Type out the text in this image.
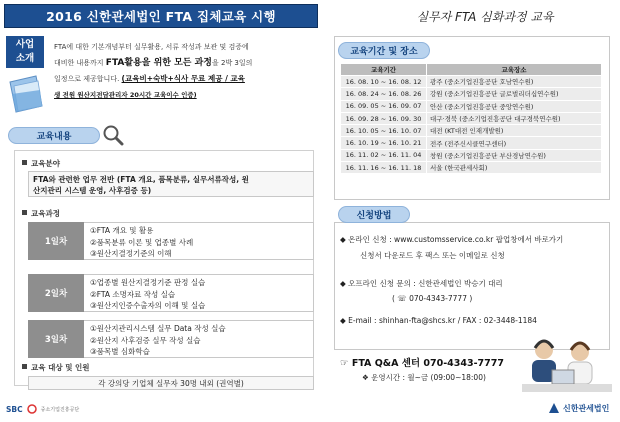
2016 신한관세법인 FTA 집체교육 시행	실무자 FTA 심화과정 교육
사업
소개
FTA에 대한 기본개념부터 실무활용, 서류 작성과 보관 및 검증에
대비한 내용까지 FTA활용을 위한 모든 과정을 2박 3일의
일정으로 제공합니다. (교육비+숙박+식사 무료 제공 / 교육
생 전원 원산지전담관리자 20시간 교육이수 인증)
교육내용
교육분야
FTA와 관련한 업무 전반 (FTA 개요, 품목분류, 실무서류작성, 원
산지관리 시스템 운영, 사후검증 등)
교육과정
1일차
①FTA 개요 및 활용
②품목분류 이론 및 업종별 사례
③원산지결정기준의 이해
2일차
①업종별 원산지결정기준 판정 실습
②FTA 소명자료 작성 실습
③원산지인증수출자의 이해 및 실습
3일차
①원산지관리시스템 실무 Data 작성 실습
②원산지 사후검증 실무 작성 실습
③품목별 심화학습
교육 대상 및 인원
각 강의당 기업체 실무자 30명 내외 (권역별)
SBC	중소기업진흥공단
교육기간 및 장소
교육기간	교육장소
16. 08. 10 ~ 16. 08. 12	광주 (중소기업진흥공단 호남연수원)
16. 08. 24 ~ 16. 08. 26	강원 (중소기업진흥공단 글로벌리더십연수원)
16. 09. 05 ~ 16. 09. 07	안산 (중소기업진흥공단 중앙연수원)
16. 09. 28 ~ 16. 09. 30	대구·경북 (중소기업진흥공단 대구경북연수원)
16. 10. 05 ~ 16. 10. 07	대전 (KT대전 인재개발원)
16. 10. 19 ~ 16. 10. 21	전주 (전주신시클연구센터)
16. 11. 02 ~ 16. 11. 04	창원 (중소기업진흥공단 부산경남연수원)
16. 11. 16 ~ 16. 11. 18	서울 (한국관세사회)
신청방법
◆ 온라인 신청 : www.customsservice.co.kr 팝업창에서 바로가기
신청서 다운로드 후 팩스 또는 이메일로 신청
◆ 오프라인 신청 문의 : 신한관세법인 박승기 대리
( ☏ 070-4343-7777 )
◆ E-mail : shinhan-fta@shcs.kr / FAX : 02-3448-1184
☞ FTA Q&A 센터 070-4343-7777
❖ 운영시간 : 월~금 (09:00~18:00)
신한관세법인
